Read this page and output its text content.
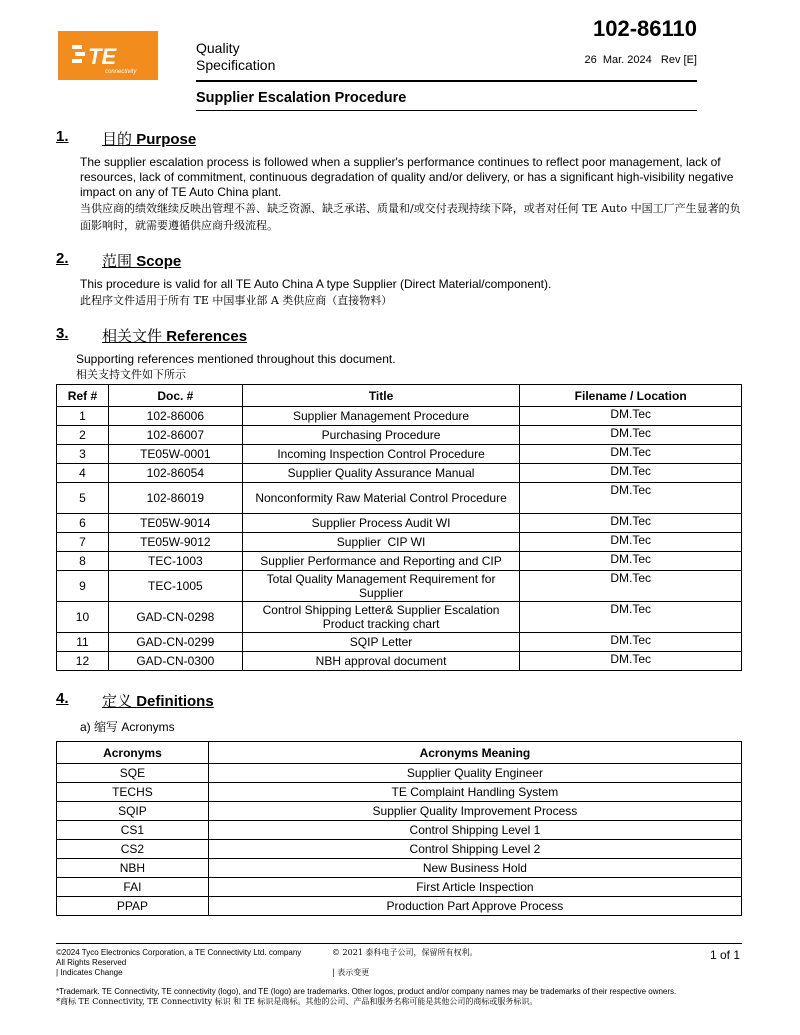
TE
connectivity
Quality
Specification
102-86110
26  Mar. 2024   Rev [E]
Supplier Escalation Procedure
1. 目的 Purpose
The supplier escalation process is followed when a supplier's performance continues to reflect poor management, lack of resources, lack of commitment, continuous degradation of quality and/or delivery, or has a significant high-visibility negative impact on any of TE Auto China plant.
当供应商的绩效继续反映出管理不善、缺乏资源、缺乏承诺、质量和/或交付表现持续下降，或者对任何 TE Auto 中国工厂产生显著的负面影响时，就需要遵循供应商升级流程。
2. 范围 Scope
This procedure is valid for all TE Auto China A type Supplier (Direct Material/component).
此程序文件适用于所有 TE 中国事业部 A 类供应商（直接物料）
3. 相关文件 References
Supporting references mentioned throughout this document.
相关支持文件如下所示
Ref #	Doc. #	Title	Filename / Location
1	102-86006	Supplier Management Procedure	DM.Tec
2	102-86007	Purchasing Procedure	DM.Tec
3	TE05W-0001	Incoming Inspection Control Procedure	DM.Tec
4	102-86054	Supplier Quality Assurance Manual	DM.Tec
5	102-86019	Nonconformity Raw Material Control Procedure	DM.Tec
6	TE05W-9014	Supplier Process Audit WI	DM.Tec
7	TE05W-9012	Supplier  CIP WI	DM.Tec
8	TEC-1003	Supplier Performance and Reporting and CIP	DM.Tec
9	TEC-1005	Total Quality Management Requirement for Supplier	DM.Tec
10	GAD-CN-0298	Control Shipping Letter& Supplier Escalation Product tracking chart	DM.Tec
11	GAD-CN-0299	SQIP Letter	DM.Tec
12	GAD-CN-0300	NBH approval document	DM.Tec
4. 定义 Definitions
a) 缩写 Acronyms
Acronyms	Acronyms Meaning
SQE	Supplier Quality Engineer
TECHS	TE Complaint Handling System
SQIP	Supplier Quality Improvement Process
CS1	Control Shipping Level 1
CS2	Control Shipping Level 2
NBH	New Business Hold
FAI	First Article Inspection
PPAP	Production Part Approve Process
©2024 Tyco Electronics Corporation, a TE Connectivity Ltd. company
All Rights Reserved
| Indicates Change
© 2021 泰科电子公司，保留所有权利。
| 表示变更
1 of 1
*Trademark. TE Connectivity, TE connectivity (logo), and TE (logo) are trademarks. Other logos, product and/or company names may be trademarks of their respective owners.
*商标 TE Connectivity, TE Connectivity 标识 和 TE 标识是商标。其他的公司、产品和服务名称可能是其他公司的商标或服务标识。
